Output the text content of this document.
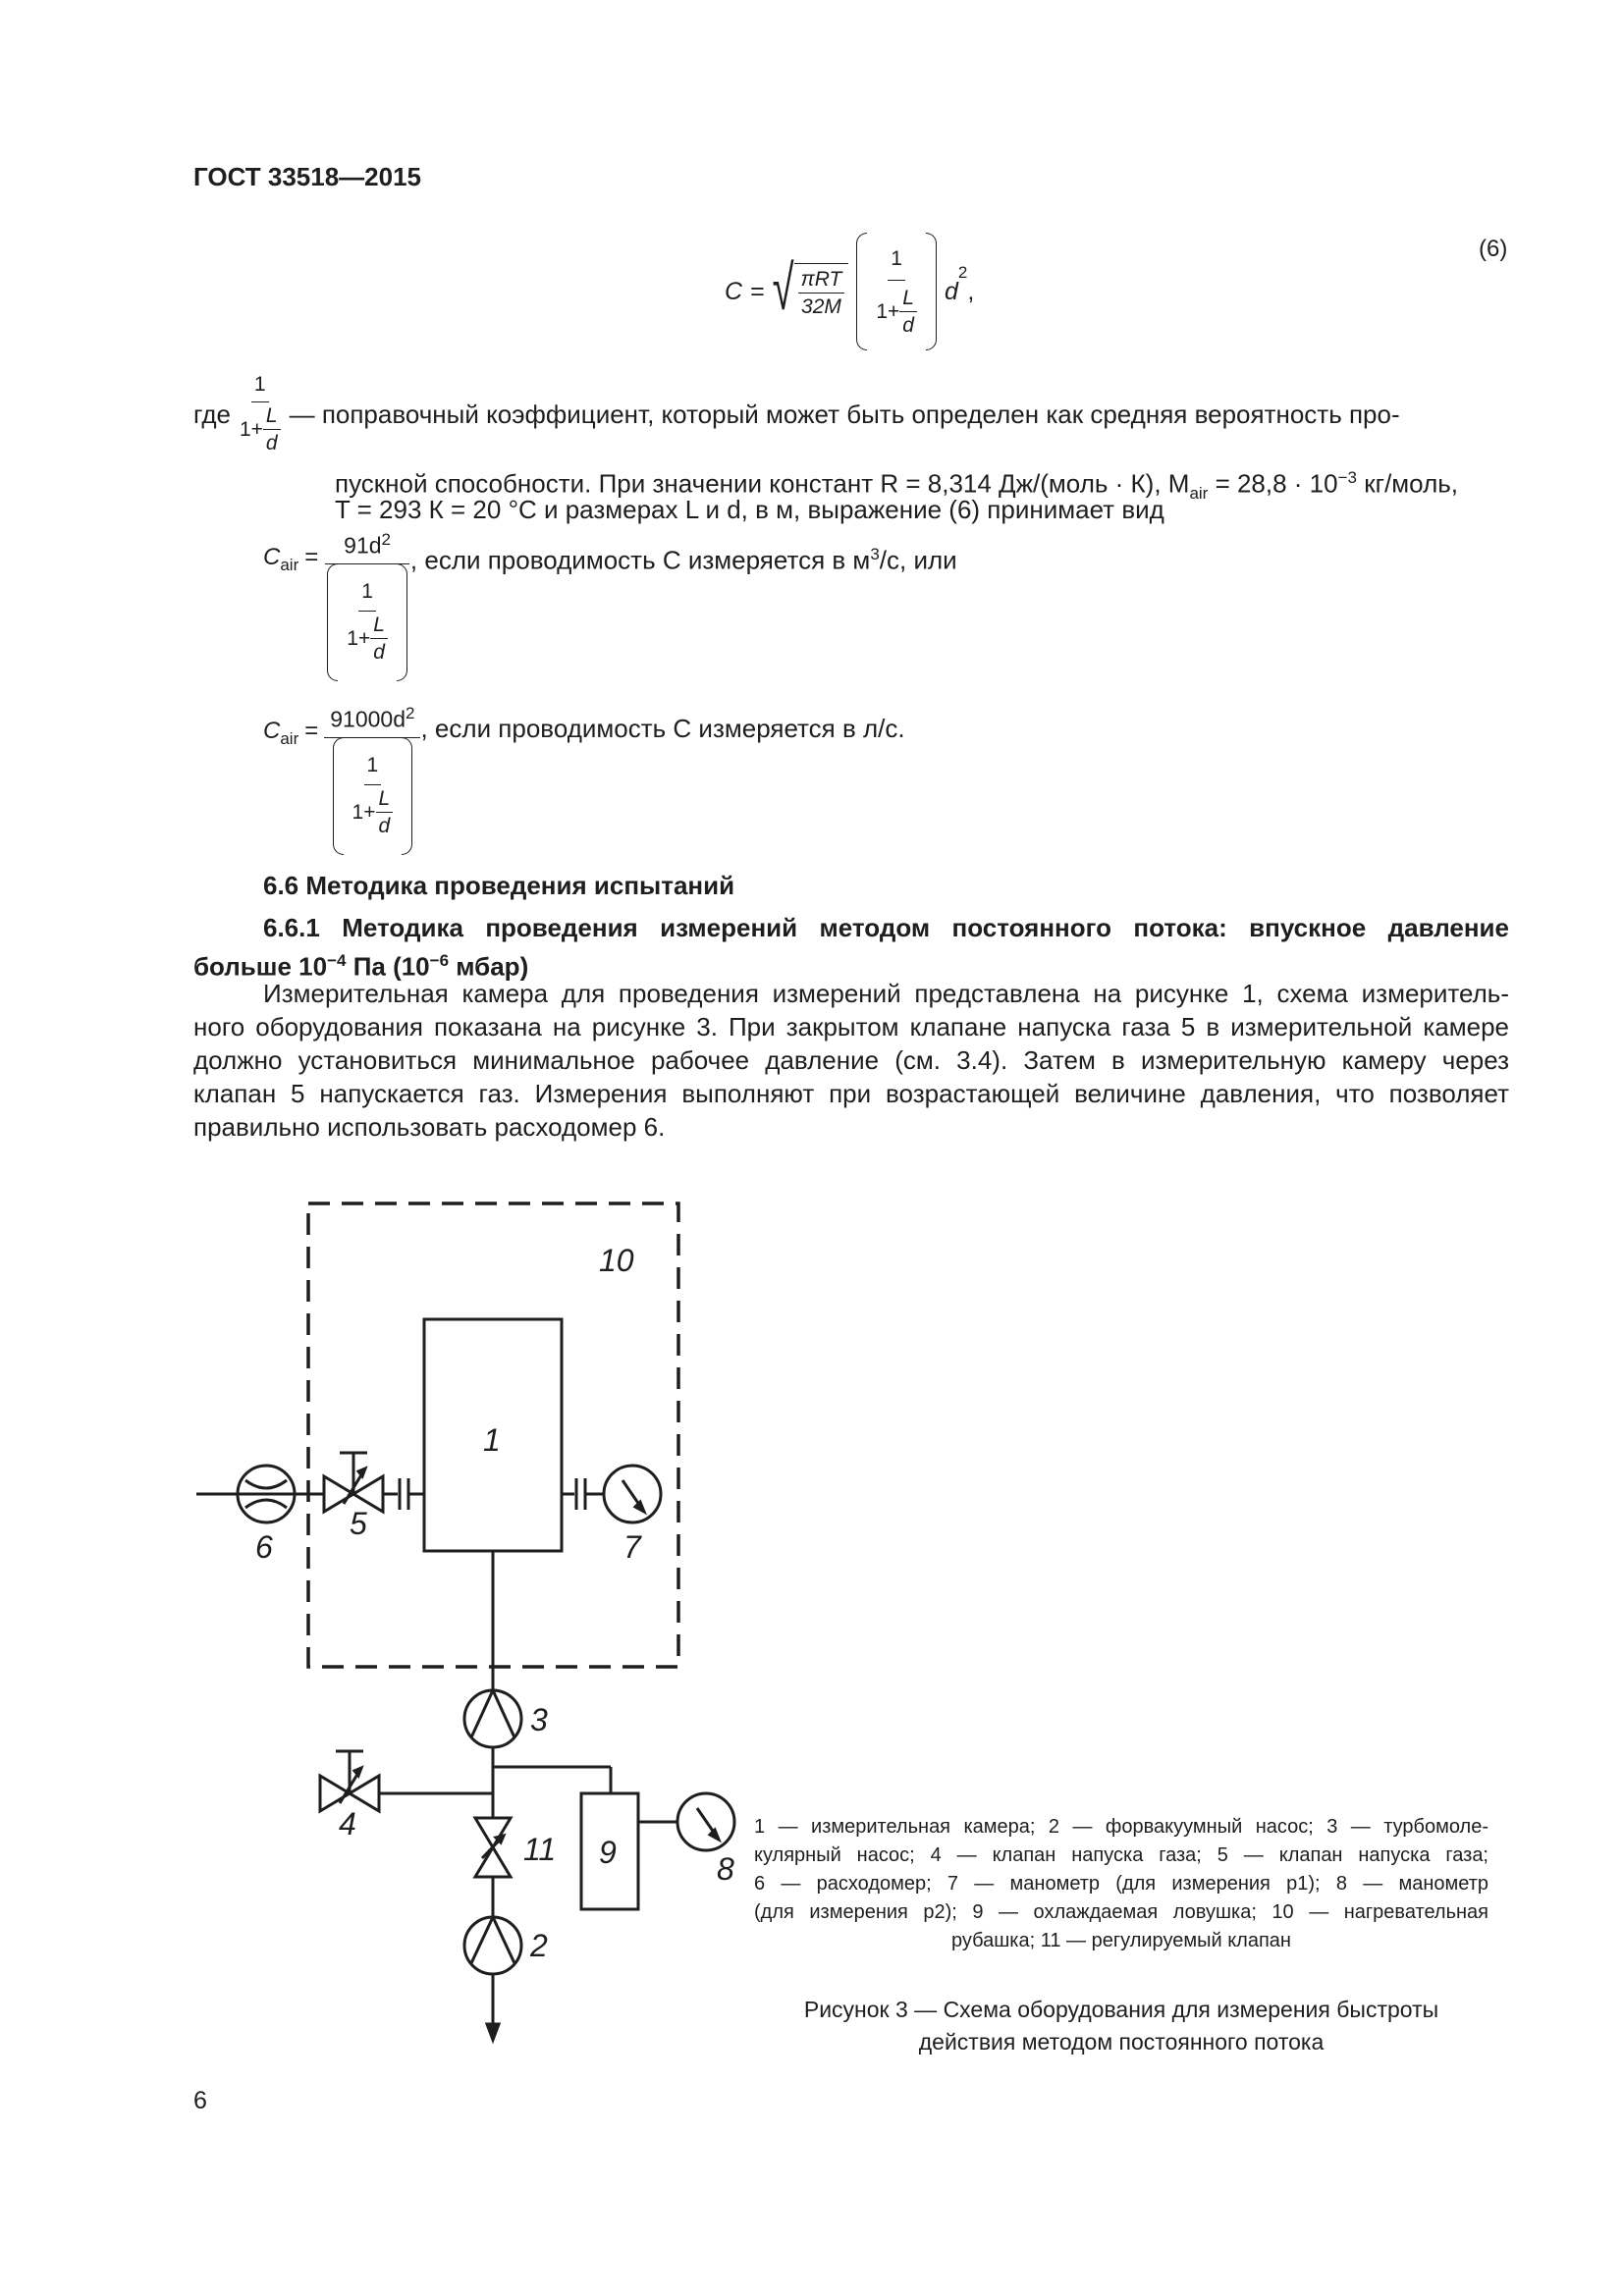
ГОСТ 33518—2015
C = √ $\frac{\text{πRT}}{32M} \frac{1}{1+ \frac{L}{d}}$ d
$^2$
,
(6)
где $\frac{1}{1+ \frac{L}{d}}$ — поправочный коэффициент, который может быть определен как средняя вероятность про-
пускной способности. При значении констант R = 8,314 Дж/(моль · К), $M_{air} = 28,8 \cdot 10^{-3}$ кг/моль,
T = 293 К = 20 °С и размерах L и d, в м, выражение (6) принимает вид
$C_{air}$ =	$91d^2$
$\frac{1}{1+ \frac{L}{d}}$
, если проводимость C измеряется в $м^3/с$, или
$C_{air} = 91000d^2$
$\frac{1}{1+ \frac{L}{d}}$
, если проводимость C измеряется в л/с.
6.6 Методика проведения испытаний
6.6.1 Методика проведения измерений методом постоянного потока: впускное давление
больше $10^{-4}$ Па ($10^{-6}$ мбар)
Измерительная камера для проведения измерений представлена на рисунке 1, схема измеритель-
ного оборудования показана на рисунке 3. При закрытом клапане напуска газа 5 в измерительной камере
должно установиться минимальное рабочее давление (см. 3.4). Затем в измерительную камеру через
клапан 5 напускается газ. Измерения выполняют при возрастающей величине давления, что позволяет
правильно использовать расходомер 6.
10
1
5
6	7
3
4
11 9	8
2
1 — измерительная камера; 2 — форвакуумный насос; 3 — турбомоле-
кулярный насос; 4 — клапан напуска газа; 5 — клапан напуска газа;
6 — расходомер; 7 — манометр (для измерения p1); 8 — манометр
(для измерения p2); 9 — охлаждаемая ловушка; 10 — нагревательная
рубашка; 11 — регулируемый клапан
Рисунок 3 — Схема оборудования для измерения быстроты
действия методом постоянного потока
6
